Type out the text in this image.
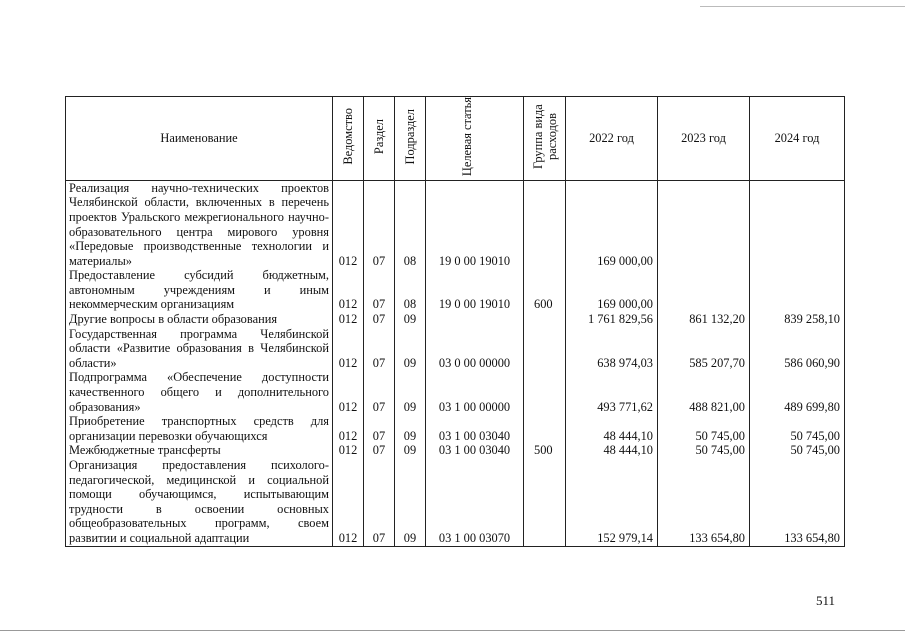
Наименование	Ведомство	Раздел	Подраздел	Целевая статья	Группа вида расходов	2022 год	2023 год	2024 год
Реализация научно-технических проектов Челябинской области, включенных в перечень проектов Уральского межрегионального научно-образовательного центра мирового уровня «Передовые производственные технологии и материалы»	012	07	08	19 0 00 19010		169 000,00		
Предоставление субсидий бюджетным, автономным учреждениям и иным некоммерческим организациям	012	07	08	19 0 00 19010	600	169 000,00		
Другие вопросы в области образования	012	07	09			1 761 829,56	861 132,20	839 258,10
Государственная программа Челябинской области «Развитие образования в Челябинской области»	012	07	09	03 0 00 00000		638 974,03	585 207,70	586 060,90
Подпрограмма «Обеспечение доступности качественного общего и дополнительного образования»	012	07	09	03 1 00 00000		493 771,62	488 821,00	489 699,80
Приобретение транспортных средств для организации перевозки обучающихся	012	07	09	03 1 00 03040		48 444,10	50 745,00	50 745,00
Межбюджетные трансферты	012	07	09	03 1 00 03040	500	48 444,10	50 745,00	50 745,00
Организация предоставления психолого-педагогической, медицинской и социальной помощи обучающимся, испытывающим трудности в освоении основных общеобразовательных программ, своем развитии и социальной адаптации	012	07	09	03 1 00 03070		152 979,14	133 654,80	133 654,80
511
